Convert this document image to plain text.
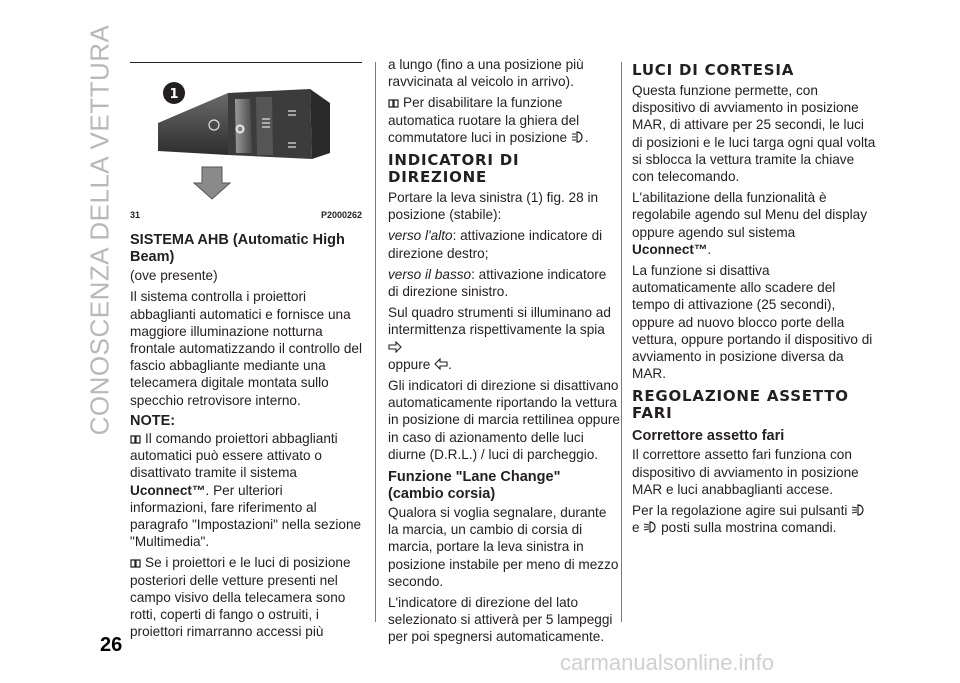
CONOSCENZA DELLA VETTURA	1
31	P2000262
SISTEMA AHB (Automatic High Beam)

(ove presente)

Il sistema controlla i proiettori abbaglianti automatici e fornisce una maggiore illuminazione notturna frontale automatizzando il controllo del fascio abbagliante mediante una telecamera digitale montata sullo specchio retrovisore interno.

NOTE:

Il comando proiettori abbaglianti automatici può essere attivato o disattivato tramite il sistema Uconnect™. Per ulteriori informazioni, fare riferimento al paragrafo "Impostazioni" nella sezione "Multimedia".

Se i proiettori e le luci di posizione posteriori delle vetture presenti nel campo visivo della telecamera sono rotti, coperti di fango o ostruiti, i proiettori rimarranno accessi più

a lungo (fino a una posizione più ravvicinata al veicolo in arrivo).

Per disabilitare la funzione automatica ruotare la ghiera del commutatore luci in posizione .

INDICATORI DI DIREZIONE

Portare la leva sinistra (1) fig. 28 in posizione (stabile):

verso l'alto: attivazione indicatore di direzione destro;

verso il basso: attivazione indicatore di direzione sinistro.

Sul quadro strumenti si illuminano ad intermittenza rispettivamente la spia
oppure .

Gli indicatori di direzione si disattivano automaticamente riportando la vettura in posizione di marcia rettilinea oppure in caso di azionamento delle luci diurne (D.R.L.) / luci di parcheggio.

Funzione "Lane Change" (cambio corsia)

Qualora si voglia segnalare, durante la marcia, un cambio di corsia di marcia, portare la leva sinistra in posizione instabile per meno di mezzo secondo.

L'indicatore di direzione del lato selezionato si attiverà per 5 lampeggi per poi spegnersi automaticamente.

LUCI DI CORTESIA

Questa funzione permette, con dispositivo di avviamento in posizione MAR, di attivare per 25 secondi, le luci di posizioni e le luci targa ogni qual volta si sblocca la vettura tramite la chiave con telecomando.

L'abilitazione della funzionalità è regolabile agendo sul Menu del display oppure agendo sul sistema Uconnect™.

La funzione si disattiva automaticamente allo scadere del tempo di attivazione (25 secondi), oppure ad nuovo blocco porte della vettura, oppure portando il dispositivo di avviamento in posizione diversa da MAR.

REGOLAZIONE ASSETTO FARI
Correttore assetto fari

Il correttore assetto fari funziona con dispositivo di avviamento in posizione MAR e luci anabbaglianti accese.

Per la regolazione agire sui pulsanti
e  posti sulla mostrina comandi.

26
carmanualsonline.info
